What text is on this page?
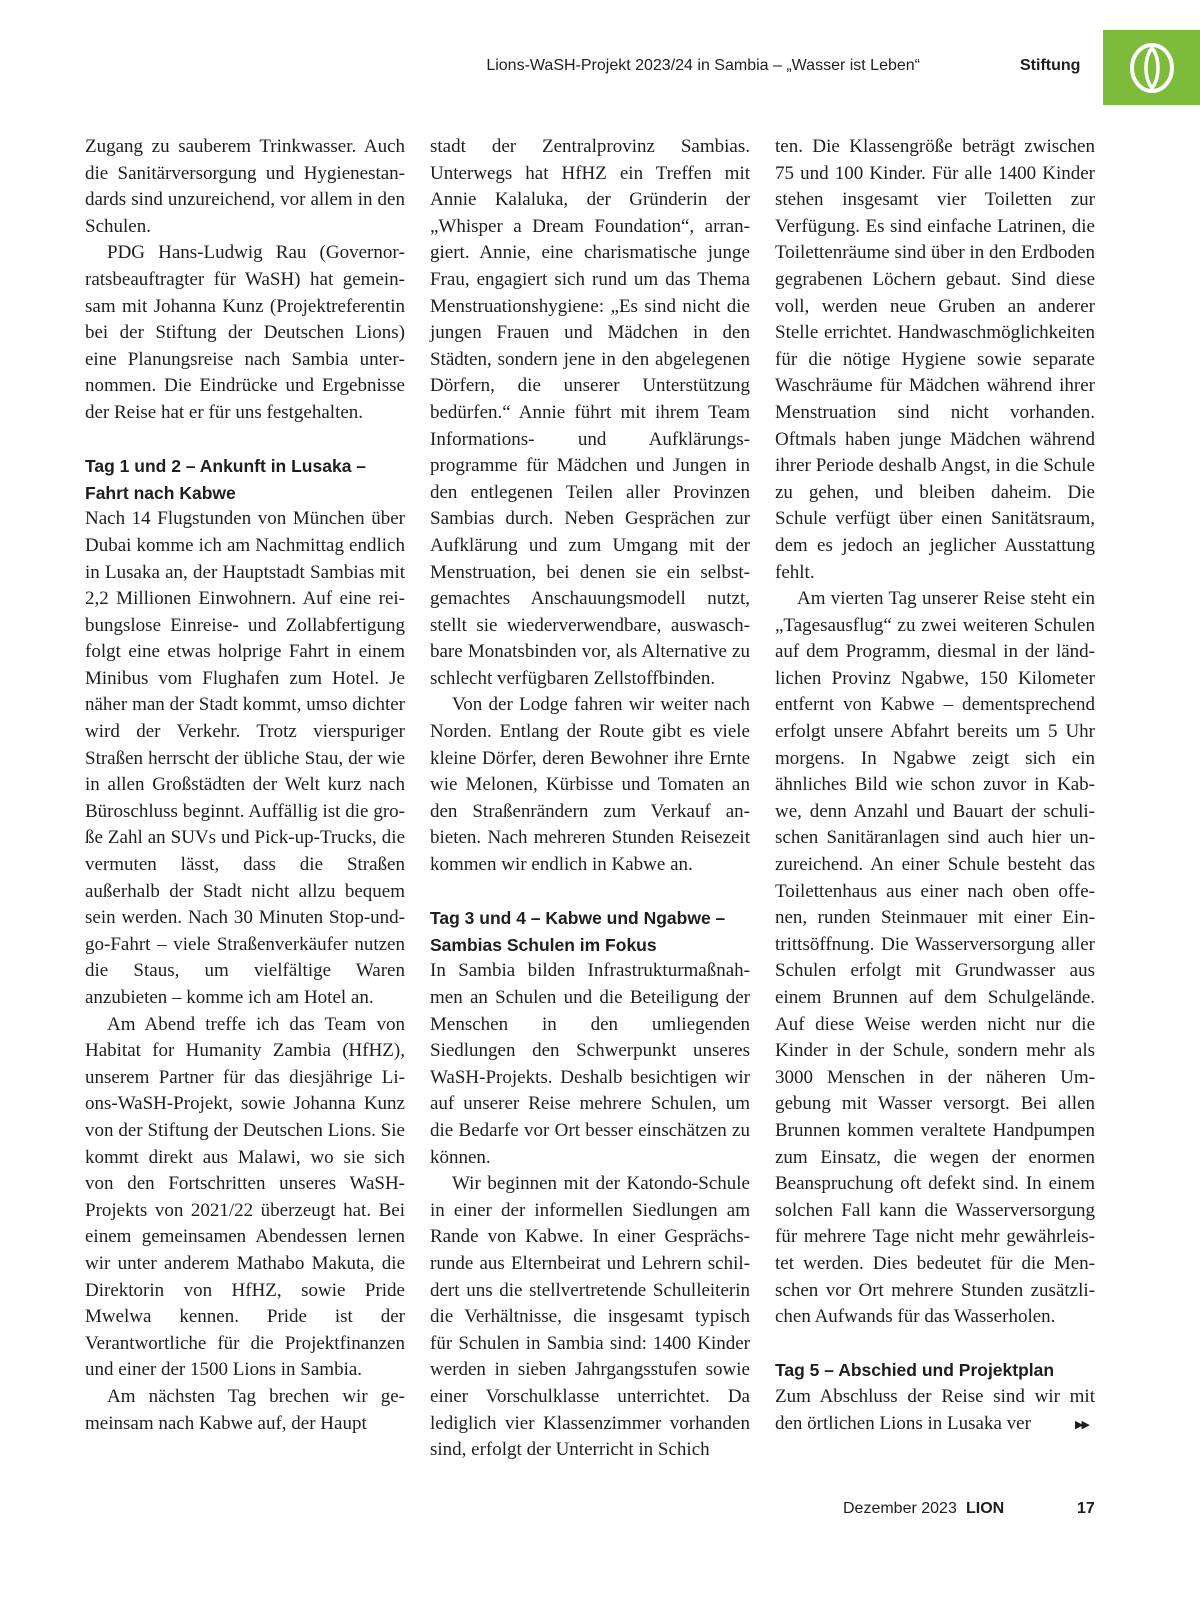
Lions-WaSH-Projekt 2023/24 in Sambia – „Wasser ist Leben“	Stiftung

Zugang zu sauberem Trinkwasser. Auch die Sanitärversorgung und Hygienestandards sind unzureichend, vor allem in den Schulen.

PDG Hans-Ludwig Rau (Governorratsbeauftragter für WaSH) hat gemeinsam mit Johanna Kunz (Projektreferentin bei der Stiftung der Deutschen Lions) eine Planungsreise nach Sambia unternommen. Die Eindrücke und Ergebnisse der Reise hat er für uns festgehalten.

Tag 1 und 2 – Ankunft in Lusaka – Fahrt nach Kabwe

Nach 14 Flugstunden von München über Dubai komme ich am Nachmittag endlich in Lusaka an, der Hauptstadt Sambias mit 2,2 Millionen Einwohnern. Auf eine reibungslose Einreise- und Zollabfertigung folgt eine etwas holprige Fahrt in einem Minibus vom Flughafen zum Hotel. Je näher man der Stadt kommt, umso dichter wird der Verkehr. Trotz vierspuriger Straßen herrscht der übliche Stau, der wie in allen Großstädten der Welt kurz nach Büroschluss beginnt. Auffällig ist die große Zahl an SUVs und Pick-up-Trucks, die vermuten lässt, dass die Straßen außerhalb der Stadt nicht allzu bequem sein werden. Nach 30 Minuten Stop-und-go-Fahrt – viele Straßenverkäufer nutzen die Staus, um vielfältige Waren anzubieten – komme ich am Hotel an.

Am Abend treffe ich das Team von Habitat for Humanity Zambia (HfHZ), unserem Partner für das diesjährige Lions-WaSH-Projekt, sowie Johanna Kunz von der Stiftung der Deutschen Lions. Sie kommt direkt aus Malawi, wo sie sich von den Fortschritten unseres WaSH-Projekts von 2021/22 überzeugt hat. Bei einem gemeinsamen Abendessen lernen wir unter anderem Mathabo Makuta, die Direktorin von HfHZ, sowie Pride Mwelwa kennen. Pride ist der Verantwortliche für die Projektfinanzen und einer der 1500 Lions in Sambia.

Am nächsten Tag brechen wir gemeinsam nach Kabwe auf, der Haupt

stadt der Zentralprovinz Sambias. Unterwegs hat HfHZ ein Treffen mit Annie Kalaluka, der Gründerin der „Whisper a Dream Foundation“, arrangiert. Annie, eine charismatische junge Frau, engagiert sich rund um das Thema Menstruationshygiene: „Es sind nicht die jungen Frauen und Mädchen in den Städten, sondern jene in den abgelegenen Dörfern, die unserer Unterstützung bedürfen.“ Annie führt mit ihrem Team Informations- und Aufklärungsprogramme für Mädchen und Jungen in den entlegenen Teilen aller Provinzen Sambias durch. Neben Gesprächen zur Aufklärung und zum Umgang mit der Menstruation, bei denen sie ein selbstgemachtes Anschauungsmodell nutzt, stellt sie wiederverwendbare, auswaschbare Monatsbinden vor, als Alternative zu schlecht verfügbaren Zellstoffbinden.

Von der Lodge fahren wir weiter nach Norden. Entlang der Route gibt es viele kleine Dörfer, deren Bewohner ihre Ernte wie Melonen, Kürbisse und Tomaten an den Straßenrändern zum Verkauf anbieten. Nach mehreren Stunden Reisezeit kommen wir endlich in Kabwe an.

Tag 3 und 4 – Kabwe und Ngabwe – Sambias Schulen im Fokus

In Sambia bilden Infrastrukturmaßnahmen an Schulen und die Beteiligung der Menschen in den umliegenden Siedlungen den Schwerpunkt unseres WaSH-Projekts. Deshalb besichtigen wir auf unserer Reise mehrere Schulen, um die Bedarfe vor Ort besser einschätzen zu können.

Wir beginnen mit der Katondo-Schule in einer der informellen Siedlungen am Rande von Kabwe. In einer Gesprächsrunde aus Elternbeirat und Lehrern schildert uns die stellvertretende Schulleiterin die Verhältnisse, die insgesamt typisch für Schulen in Sambia sind: 1400 Kinder werden in sieben Jahrgangsstufen sowie einer Vorschulklasse unterrichtet. Da lediglich vier Klassenzimmer vorhanden sind, erfolgt der Unterricht in Schich

ten. Die Klassengröße beträgt zwischen 75 und 100 Kinder. Für alle 1400 Kinder stehen insgesamt vier Toiletten zur Verfügung. Es sind einfache Latrinen, die Toilettenräume sind über in den Erdboden gegrabenen Löchern gebaut. Sind diese voll, werden neue Gruben an anderer Stelle errichtet. Handwaschmöglichkeiten für die nötige Hygiene sowie separate Waschräume für Mädchen während ihrer Menstruation sind nicht vorhanden. Oftmals haben junge Mädchen während ihrer Periode deshalb Angst, in die Schule zu gehen, und bleiben daheim. Die Schule verfügt über einen Sanitätsraum, dem es jedoch an jeglicher Ausstattung fehlt.

Am vierten Tag unserer Reise steht ein „Tagesausflug“ zu zwei weiteren Schulen auf dem Programm, diesmal in der ländlichen Provinz Ngabwe, 150 Kilometer entfernt von Kabwe – dementsprechend erfolgt unsere Abfahrt bereits um 5 Uhr morgens. In Ngabwe zeigt sich ein ähnliches Bild wie schon zuvor in Kabwe, denn Anzahl und Bauart der schulischen Sanitäranlagen sind auch hier unzureichend. An einer Schule besteht das Toilettenhaus aus einer nach oben offenen, runden Steinmauer mit einer Eintrittsöffnung. Die Wasserversorgung aller Schulen erfolgt mit Grundwasser aus einem Brunnen auf dem Schulgelände. Auf diese Weise werden nicht nur die Kinder in der Schule, sondern mehr als 3000 Menschen in der näheren Umgebung mit Wasser versorgt. Bei allen Brunnen kommen veraltete Handpumpen zum Einsatz, die wegen der enormen Beanspruchung oft defekt sind. In einem solchen Fall kann die Wasserversorgung für mehrere Tage nicht mehr gewährleistet werden. Dies bedeutet für die Menschen vor Ort mehrere Stunden zusätzlichen Aufwands für das Wasserholen.

Tag 5 – Abschied und Projektplan

Zum Abschluss der Reise sind wir mit den örtlichen Lions in Lusaka ver	▶▶
Dezember 2023 LION	17
